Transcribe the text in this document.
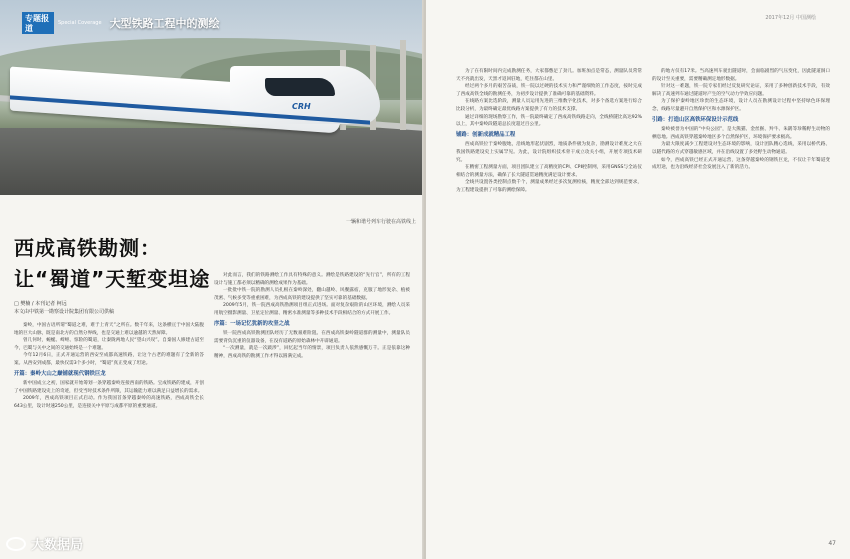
CRH
专题报道
Special Coverage 大型铁路工程中的测绘
一辆和谐号列车行驶在高铁线上
西成高铁勘测：
让“蜀道”天堑变坦途
□ 樊楠 / 本刊记者 柯远
本文由中铁第一勘察设计院集团有限公司供稿

秦岭，中国古语所谓“蜀道之难，难于上青天”之所在。数千年来，这条横亘于中国大陆腹地的巨大山脉，既是南北方的自然分界线，也是交通上难以逾越的天然屏障。

曾几何时，蜿蜒、崎岖、惊险的蜀道，让秦陇两地人民“望山兴叹”。自秦国人修建古道至今，巴蜀与关中之间的交通始终是一个难题。

今年12月6日，正式开通运营的西安至成都高速铁路，让这个古老的难题有了全新的答案。从西安到成都，最快仅需3个多小时，“蜀道”真正变成了坦途。

开篇：秦岭大山之巅铺就现代钢铁巨龙

新中国成立之初，国家就开始筹划一条穿越秦岭连接西南的铁路。宝成铁路的建成，开创了中国铁路建设史上的奇迹，但受当时技术条件所限，其运输能力难以满足日益增长的需求。

2009年，西成高铁项目正式启动。作为我国首条穿越秦岭的高速铁路，西成高铁全长643公里，设计时速250公里，是连接关中平原与成都平原的重要通道。

对此而言，我们的铁路测绘工作具有特殊的意义。测绘是铁路建设的“先行官”，所有的工程设计与施工都必须以精确的测绘成果作为基础。

一批批中铁一院的勘测人员扎根在秦岭深处，翻山越岭、风餐露宿，克服了地形复杂、植被茂密、气候多变等重重困难，为西成高铁的建设提供了坚实可靠的基础数据。

2009年5月，铁一院西成高铁勘测项目组正式进场。面对复杂艰险的山区环境，测绘人员采用航空摄影测量、卫星定位测量、精密水准测量等多种技术手段相结合的方式开展工作。

序篇：一场记忆犹新的攻坚之战

铁一院西成高铁勘测团队经历了无数艰难险阻。在西成高铁秦岭隧道群的测量中，测量队员需要背负沉重的仪器设备，在没有道路的原始森林中开辟通道。

“一次测量，就是一次跋涉”，回忆起当年的情景，项目负责人依然感慨万千。正是依靠这种精神，西成高铁的勘测工作才得以圆满完成。

大数据局
2017年12月 中国测绘

为了在有限时间内完成勘测任务，大家都憋足了劲儿。加班加点是常态，测量队员常常天不亮就出发，天黑才返回驻地，吃住都在山里。

经过两个多月的艰苦奋战，铁一院以过硬的技术实力和严谨细致的工作态度，按时完成了西成高铁全线的勘测任务，为初步设计提供了准确可靠的基础资料。

在线路方案比选阶段，测量人员运用先进的三维数字化技术，对多个备选方案进行综合比较分析，为最终确定最优线路方案提供了有力的技术支撑。

通过详细的现场勘察工作，铁一院最终确定了西成高铁线路走向，全线桥隧比高达92%以上，其中秦岭段隧道总长度超过百公里。

铺路：创新成就精品工程

西成高铁位于秦岭腹地，沿线地形起伏剧烈，地质条件极为复杂，勘测设计难度之大在我国铁路建设史上实属罕见。为此，设计院组织技术骨干成立攻关小组，开展专项技术研究。

在精密工程测量方面，项目团队建立了高精度的CPⅠ、CPⅡ控制网，采用GNSS与全站仪相结合的测量方法，确保了长大隧道贯通精度满足设计要求。

全线共设置各类控制点数千个，测量成果经过多次复测检核，精度全部达到规范要求，为工程建设提供了可靠的测绘保障。

的地方仅有17米。当高速列车驶出隧道时，会面临剧烈的气压变化，因此隧道洞口的设计至关重要，需要精确测定地形数据。

针对这一难题，铁一院专家们经过反复研究论证，采用了多种创新技术手段，有效解决了高速列车通过隧道时产生的空气动力学效应问题。

为了保护秦岭地区珍贵的生态环境，设计人员在勘测设计过程中坚持绿色环保理念，线路尽量避开自然保护区和水源保护区。

引路：打造山区高铁环保设计示范线

秦岭被誉为中国的“中央公园”，是大熊猫、金丝猴、羚牛、朱鹮等珍稀野生动物的栖息地。西成高铁穿越秦岭地区多个自然保护区，环境保护要求极高。

为最大限度减少工程建设对生态环境的影响，设计团队精心选线，采用以桥代路、以隧代路的方式穿越敏感区域，并在沿线设置了多处野生动物通道。

如今，西成高铁已经正式开通运营，这条穿越秦岭的钢铁巨龙，不仅让千年蜀道变成坦途，也为沿线经济社会发展注入了新的活力。

47
